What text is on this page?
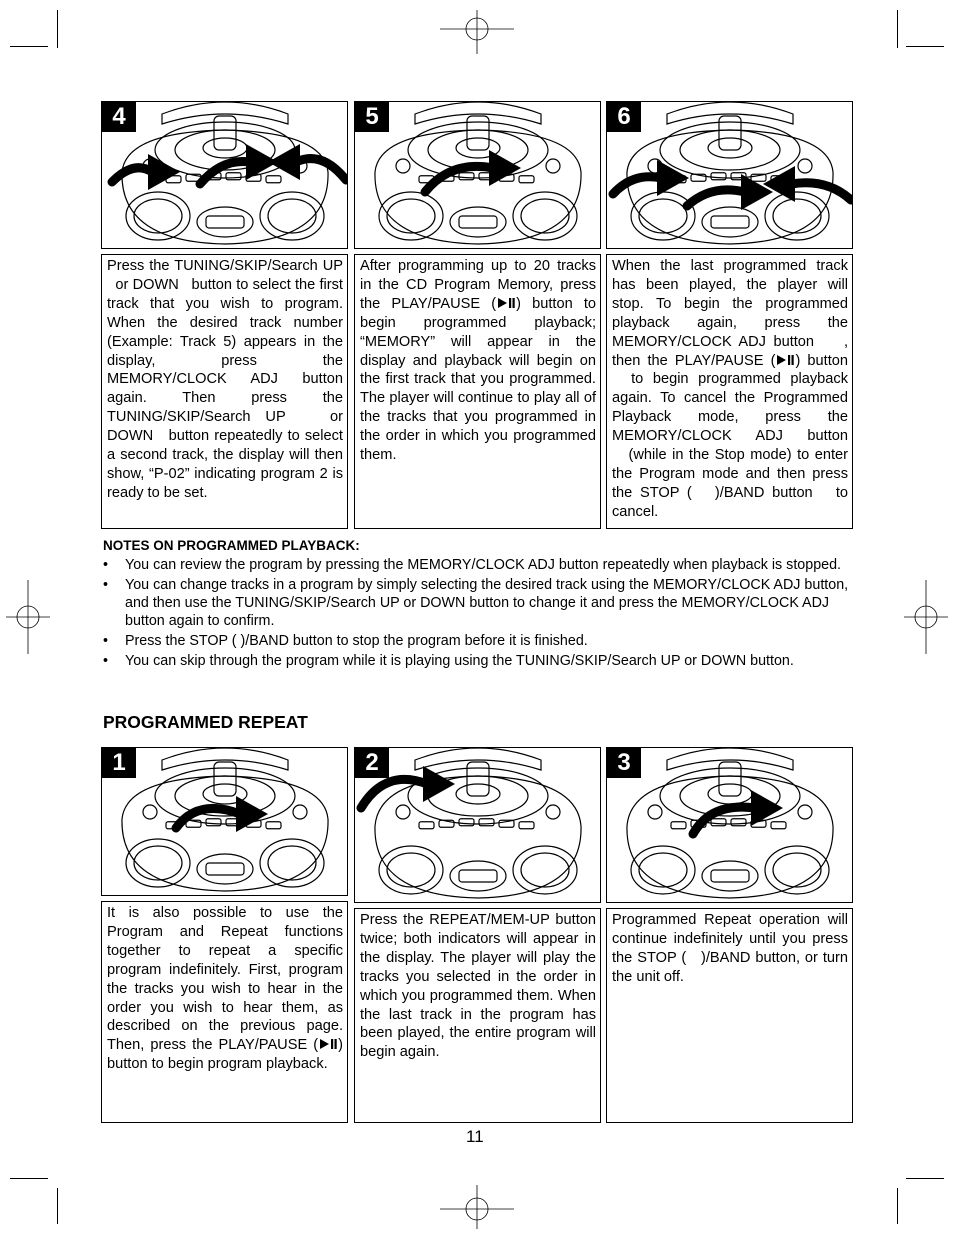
4	5	6
Press the TUNING/SKIP/Search UP   or DOWN   button to select the first track that you wish to program. When the desired track number (Example: Track 5) appears in the display, press the MEMORY/CLOCK ADJ button again. Then press the TUNING/SKIP/Search UP   or DOWN   button repeatedly to select a second track, the display will then show, “P-02” indicating program 2 is ready to be set.
After programming up to 20 tracks in the CD Program Memory, press the PLAY/PAUSE ( ) button to begin programmed playback; “MEMORY” will appear in the display and playback will begin on the first track that you programmed. The player will continue to play all of the tracks that you programmed in the order in which you programmed them.
When the last programmed track has been played, the player will stop. To begin the programmed playback again, press the MEMORY/CLOCK ADJ button    , then the PLAY/PAUSE ( ) button   to begin programmed playback again. To cancel the Programmed Playback mode, press the MEMORY/CLOCK ADJ button    (while in the Stop mode) to enter the Program mode and then press the STOP (   )/BAND button   to cancel.
NOTES ON PROGRAMMED PLAYBACK:
• You can review the program by pressing the MEMORY/CLOCK ADJ button repeatedly when playback is stopped.
• You can change tracks in a program by simply selecting the desired track using the MEMORY/CLOCK ADJ button, and then use the TUNING/SKIP/Search UP or DOWN button to change it and press the MEMORY/CLOCK ADJ button again to confirm.
• Press the STOP ( )/BAND button to stop the program before it is finished.
• You can skip through the program while it is playing using the TUNING/SKIP/Search UP or DOWN button.
PROGRAMMED REPEAT
1	2	3
It is also possible to use the Program and Repeat functions together to repeat a specific program indefinitely. First, program the tracks you wish to hear in the order you wish to hear them, as described on the previous page. Then, press the PLAY/PAUSE ( ) button to begin program playback.
Press the REPEAT/MEM-UP button twice; both indicators will appear in the display. The player will play the tracks you selected in the order in which you programmed them. When the last track in the program has been played, the entire program will begin again.
Programmed Repeat operation will continue indefinitely until you press the STOP (   )/BAND button, or turn the unit off.
11
